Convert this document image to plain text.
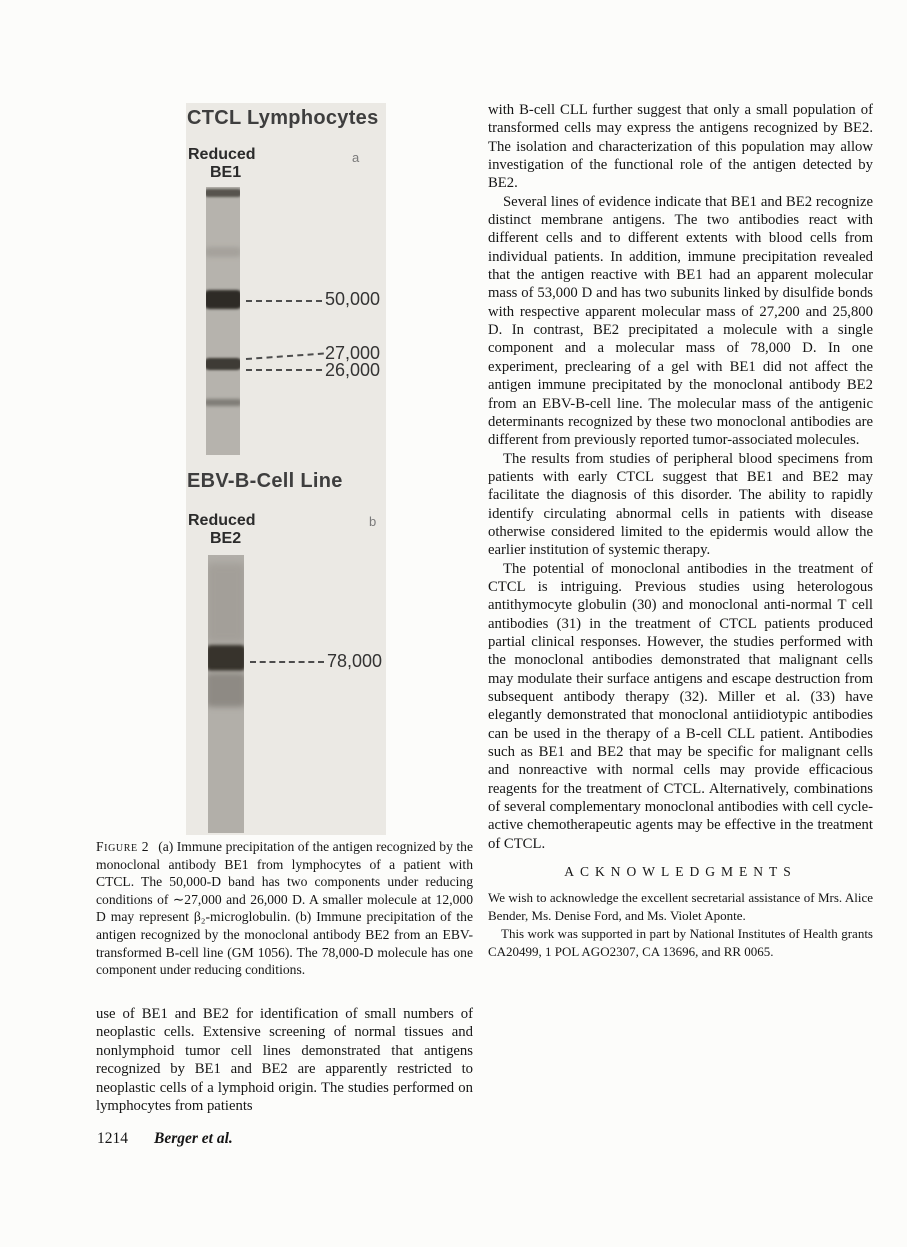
CTCL Lymphocytes
Reduced
BE1
a
50,000
27,000
26,000
EBV-B-Cell Line
Reduced
BE2
b
78,000
Figure 2 (a) Immune precipitation of the antigen recognized by the monoclonal antibody BE1 from lymphocytes of a patient with CTCL. The 50,000-D band has two components under reducing conditions of ∼27,000 and 26,000 D. A smaller molecule at 12,000 D may represent β₂-microglobulin. (b) Immune precipitation of the antigen recognized by the monoclonal antibody BE2 from an EBV-transformed B-cell line (GM 1056). The 78,000-D molecule has one component under reducing conditions.
use of BE1 and BE2 for identification of small numbers of neoplastic cells. Extensive screening of normal tissues and nonlymphoid tumor cell lines demonstrated that antigens recognized by BE1 and BE2 are apparently restricted to neoplastic cells of a lymphoid origin. The studies performed on lymphocytes from patients
1214 Berger et al.

with B-cell CLL further suggest that only a small population of transformed cells may express the antigens recognized by BE2. The isolation and characterization of this population may allow investigation of the functional role of the antigen detected by BE2.

Several lines of evidence indicate that BE1 and BE2 recognize distinct membrane antigens. The two antibodies react with different cells and to different extents with blood cells from individual patients. In addition, immune precipitation revealed that the antigen reactive with BE1 had an apparent molecular mass of 53,000 D and has two subunits linked by disulfide bonds with respective apparent molecular mass of 27,200 and 25,800 D. In contrast, BE2 precipitated a molecule with a single component and a molecular mass of 78,000 D. In one experiment, preclearing of a gel with BE1 did not affect the antigen immune precipitated by the monoclonal antibody BE2 from an EBV-B-cell line. The molecular mass of the antigenic determinants recognized by these two monoclonal antibodies are different from previously reported tumor-associated molecules.

The results from studies of peripheral blood specimens from patients with early CTCL suggest that BE1 and BE2 may facilitate the diagnosis of this disorder. The ability to rapidly identify circulating abnormal cells in patients with disease otherwise considered limited to the epidermis would allow the earlier institution of systemic therapy.

The potential of monoclonal antibodies in the treatment of CTCL is intriguing. Previous studies using heterologous antithymocyte globulin (30) and monoclonal anti-normal T cell antibodies (31) in the treatment of CTCL patients produced partial clinical responses. However, the studies performed with the monoclonal antibodies demonstrated that malignant cells may modulate their surface antigens and escape destruction from subsequent antibody therapy (32). Miller et al. (33) have elegantly demonstrated that monoclonal antiidiotypic antibodies can be used in the therapy of a B-cell CLL patient. Antibodies such as BE1 and BE2 that may be specific for malignant cells and nonreactive with normal cells may provide efficacious reagents for the treatment of CTCL. Alternatively, combinations of several complementary monoclonal antibodies with cell cycle-active chemotherapeutic agents may be effective in the treatment of CTCL.

ACKNOWLEDGMENTS

We wish to acknowledge the excellent secretarial assistance of Mrs. Alice Bender, Ms. Denise Ford, and Ms. Violet Aponte.

This work was supported in part by National Institutes of Health grants CA20499, 1 POL AGO2307, CA 13696, and RR 0065.
